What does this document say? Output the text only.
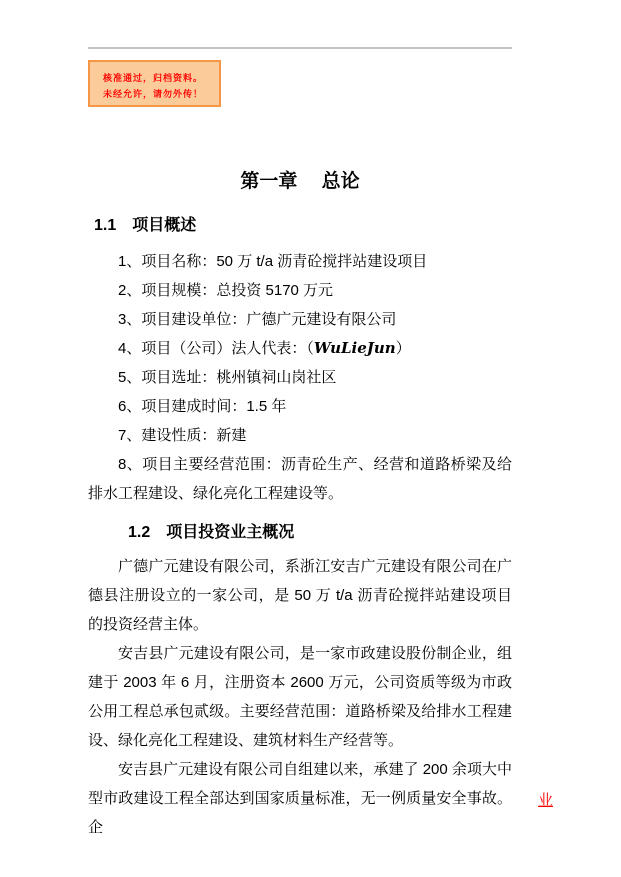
核准通过，归档资料。
未经允许，请勿外传！
第一章　 总论
1.1　项目概述

1、项目名称：50 万 t/a 沥青砼搅拌站建设项目

2、项目规模：总投资 5170 万元

3、项目建设单位：广德广元建设有限公司

4、项目（公司）法人代表：（WuLieJun）

5、项目选址：桃州镇祠山岗社区

6、项目建成时间：1.5 年

7、建设性质：新建

8、项目主要经营范围：沥青砼生产、经营和道路桥梁及给排水工程建设、绿化亮化工程建设等。

1.2　项目投资业主概况

广德广元建设有限公司，系浙江安吉广元建设有限公司在广德县注册设立的一家公司，是 50 万 t/a 沥青砼搅拌站建设项目的投资经营主体。

安吉县广元建设有限公司，是一家市政建设股份制企业，组建于 2003 年 6 月，注册资本 2600 万元，公司资质等级为市政公用工程总承包贰级。主要经营范围：道路桥梁及给排水工程建设、绿化亮化工程建设、建筑材料生产经营等。

安吉县广元建设有限公司自组建以来，承建了 200 余项大中型市政建设工程全部达到国家质量标准，无一例质量安全事故。企
业
